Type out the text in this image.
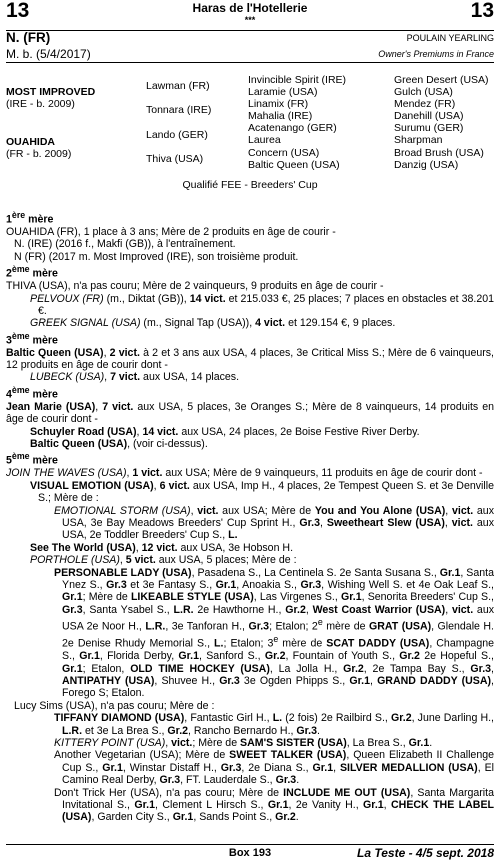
13	13
Haras de l'Hotellerie
***
N. (FR)
M. b. (5/4/2017)
POULAIN YEARLING
Owner's Premiums in France
MOST IMPROVED
(IRE - b. 2009)
OUAHIDA
(FR - b. 2009)
Lawman (FR)
Tonnara (IRE)
Lando (GER)
Thiva (USA)
Invincible Spirit (IRE)
Laramie (USA)
Linamix (FR)
Mahalia (IRE)
Acatenango (GER)
Laurea
Concern (USA)
Baltic Queen (USA)
Green Desert (USA)
Gulch (USA)
Mendez (FR)
Danehill (USA)
Surumu (GER)
Sharpman
Broad Brush (USA)
Danzig (USA)
Qualifié FEE - Breeders' Cup

1ère mère

OUAHIDA (FR), 1 place à 3 ans; Mère de 2 produits en âge de courir -

N. (IRE) (2016 f., Makfi (GB)), à l'entraînement.

N (FR) (2017 m. Most Improved (IRE), son troisième produit.

2ème mère

THIVA (USA), n'a pas couru; Mère de 2 vainqueurs, 9 produits en âge de courir -

PELVOUX (FR) (m., Diktat (GB)), 14 vict. et 215.033 €, 25 places; 7 places en obstacles et 38.201 €.

GREEK SIGNAL (USA) (m., Signal Tap (USA)), 4 vict. et 129.154 €, 9 places.

3ème mère

Baltic Queen (USA), 2 vict. à 2 et 3 ans aux USA, 4 places, 3e Critical Miss S.; Mère de 6 vainqueurs, 12 produits en âge de courir dont -

LUBECK (USA), 7 vict. aux USA, 14 places.

4ème mère

Jean Marie (USA), 7 vict. aux USA, 5 places, 3e Oranges S.; Mère de 8 vainqueurs, 14 produits en âge de courir dont -

Schuyler Road (USA), 14 vict. aux USA, 24 places, 2e Boise Festive River Derby.

Baltic Queen (USA), (voir ci-dessus).

5ème mère

JOIN THE WAVES (USA), 1 vict. aux USA; Mère de 9 vainqueurs, 11 produits en âge de courir dont -

VISUAL EMOTION (USA), 6 vict. aux USA, Imp H., 4 places, 2e Tempest Queen S. et 3e Denville S.; Mère de :

EMOTIONAL STORM (USA), vict. aux USA; Mère de You and You Alone (USA), vict. aux USA, 3e Bay Meadows Breeders' Cup Sprint H., Gr.3, Sweetheart Slew (USA), vict. aux USA, 2e Toddler Breeders' Cup S., L.

See The World (USA), 12 vict. aux USA, 3e Hobson H.

PORTHOLE (USA), 5 vict. aux USA, 5 places; Mère de :

PERSONABLE LADY (USA), Pasadena S., La Centinela S. 2e Santa Susana S., Gr.1, Santa Ynez S., Gr.3 et 3e Fantasy S., Gr.1, Anoakia S., Gr.3, Wishing Well S. et 4e Oak Leaf S., Gr.1; Mère de LIKEABLE STYLE (USA), Las Virgenes S., Gr.1, Senorita Breeders' Cup S., Gr.3, Santa Ysabel S., L.R. 2e Hawthorne H., Gr.2, West Coast Warrior (USA), vict. aux USA 2e Noor H., L.R., 3e Tanforan H., Gr.3; Etalon; 2e mère de GRAT (USA), Glendale H. 2e Denise Rhudy Memorial S., L.; Etalon; 3e mère de SCAT DADDY (USA), Champagne S., Gr.1, Florida Derby, Gr.1, Sanford S., Gr.2, Fountain of Youth S., Gr.2 2e Hopeful S., Gr.1; Etalon, OLD TIME HOCKEY (USA), La Jolla H., Gr.2, 2e Tampa Bay S., Gr.3, ANTIPATHY (USA), Shuvee H., Gr.3 3e Ogden Phipps S., Gr.1, GRAND DADDY (USA), Forego S; Etalon.

Lucy Sims (USA), n'a pas couru; Mère de :

TIFFANY DIAMOND (USA), Fantastic Girl H., L. (2 fois) 2e Railbird S., Gr.2, June Darling H., L.R. et 3e La Brea S., Gr.2, Rancho Bernardo H., Gr.3.

KITTERY POINT (USA), vict.; Mère de SAM'S SISTER (USA), La Brea S., Gr.1.

Another Vegetarian (USA); Mère de SWEET TALKER (USA), Queen Elizabeth II Challenge Cup S., Gr.1, Winstar Distaff H., Gr.3, 2e Diana S., Gr.1, SILVER MEDALLION (USA), El Camino Real Derby, Gr.3, FT. Lauderdale S., Gr.3.

Don't Trick Her (USA), n'a pas couru; Mère de INCLUDE ME OUT (USA), Santa Margarita Invitational S., Gr.1, Clement L Hirsch S., Gr.1, 2e Vanity H., Gr.1, CHECK THE LABEL (USA), Garden City S., Gr.1, Sands Point S., Gr.2.

Box 193	La Teste - 4/5 sept. 2018
